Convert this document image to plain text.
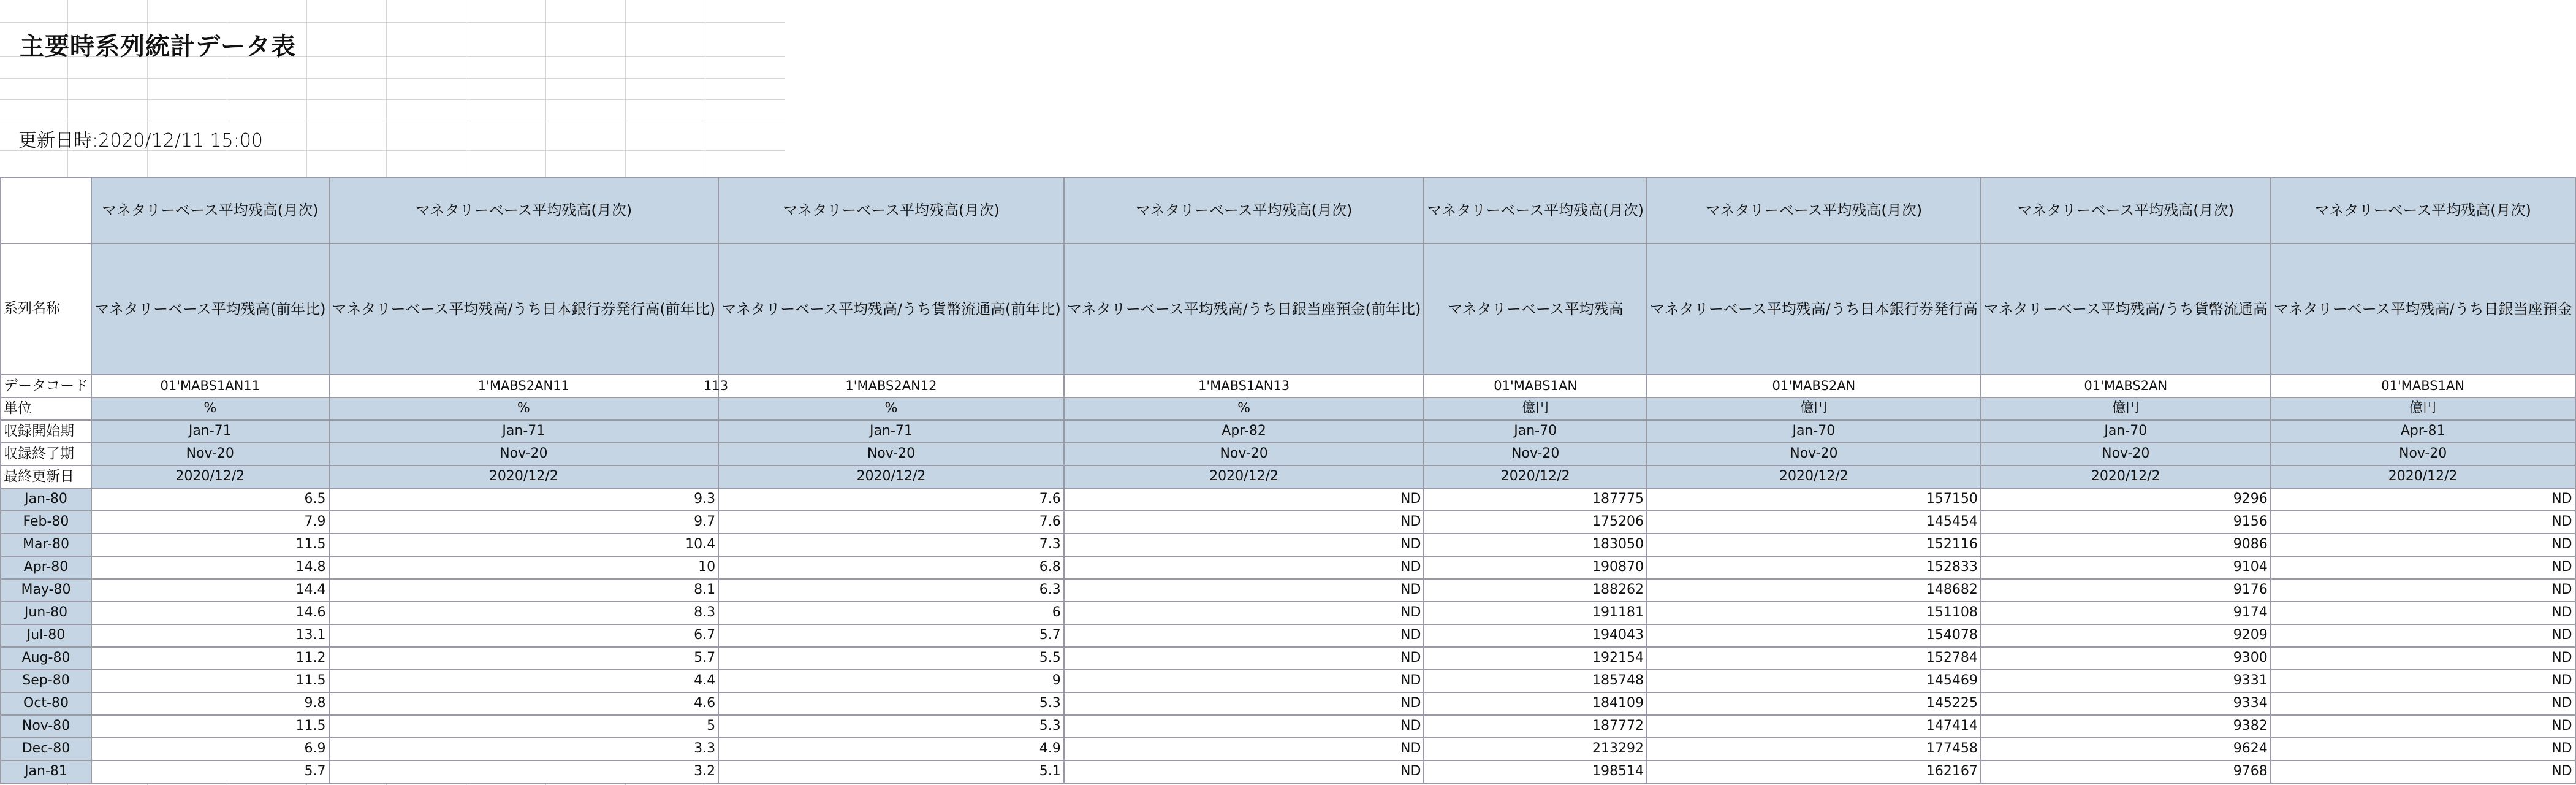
主要時系列統計データ表
更新日時:2020/12/11 15:00
	マネタリーベース平均残高(月次)	マネタリーベース平均残高(月次)	マネタリーベース平均残高(月次)	マネタリーベース平均残高(月次)	マネタリーベース平均残高(月次)	マネタリーベース平均残高(月次)	マネタリーベース平均残高(月次)	マネタリーベース平均残高(月次)
系列名称	マネタリーベース平均残高(前年比)	マネタリーベース平均残高/うち日本銀行券発行高(前年比)	マネタリーベース平均残高/うち貨幣流通高(前年比)	マネタリーベース平均残高/うち日銀当座預金(前年比)	マネタリーベース平均残高	マネタリーベース平均残高/うち日本銀行券発行高	マネタリーベース平均残高/うち貨幣流通高	マネタリーベース平均残高/うち日銀当座預金
データコード	01'MABS1AN11	1'MABS2AN11	1'MABS2AN12	1'MABS1AN13	01'MABS1AN	01'MABS2AN	01'MABS2AN	01'MABS1AN
単位	%	%	%	%	億円	億円	億円	億円
収録開始期	Jan-71	Jan-71	Jan-71	Apr-82	Jan-70	Jan-70	Jan-70	Apr-81
収録終了期	Nov-20	Nov-20	Nov-20	Nov-20	Nov-20	Nov-20	Nov-20	Nov-20
最終更新日	2020/12/2	2020/12/2	2020/12/2	2020/12/2	2020/12/2	2020/12/2	2020/12/2	2020/12/2
Jan-80	6.5	9.3	7.6	ND	187775	157150	9296	ND
Feb-80	7.9	9.7	7.6	ND	175206	145454	9156	ND
Mar-80	11.5	10.4	7.3	ND	183050	152116	9086	ND
Apr-80	14.8	10	6.8	ND	190870	152833	9104	ND
May-80	14.4	8.1	6.3	ND	188262	148682	9176	ND
Jun-80	14.6	8.3	6	ND	191181	151108	9174	ND
Jul-80	13.1	6.7	5.7	ND	194043	154078	9209	ND
Aug-80	11.2	5.7	5.5	ND	192154	152784	9300	ND
Sep-80	11.5	4.4	9	ND	185748	145469	9331	ND
Oct-80	9.8	4.6	5.3	ND	184109	145225	9334	ND
Nov-80	11.5	5	5.3	ND	187772	147414	9382	ND
Dec-80	6.9	3.3	4.9	ND	213292	177458	9624	ND
Jan-81	5.7	3.2	5.1	ND	198514	162167	9768	ND
113
